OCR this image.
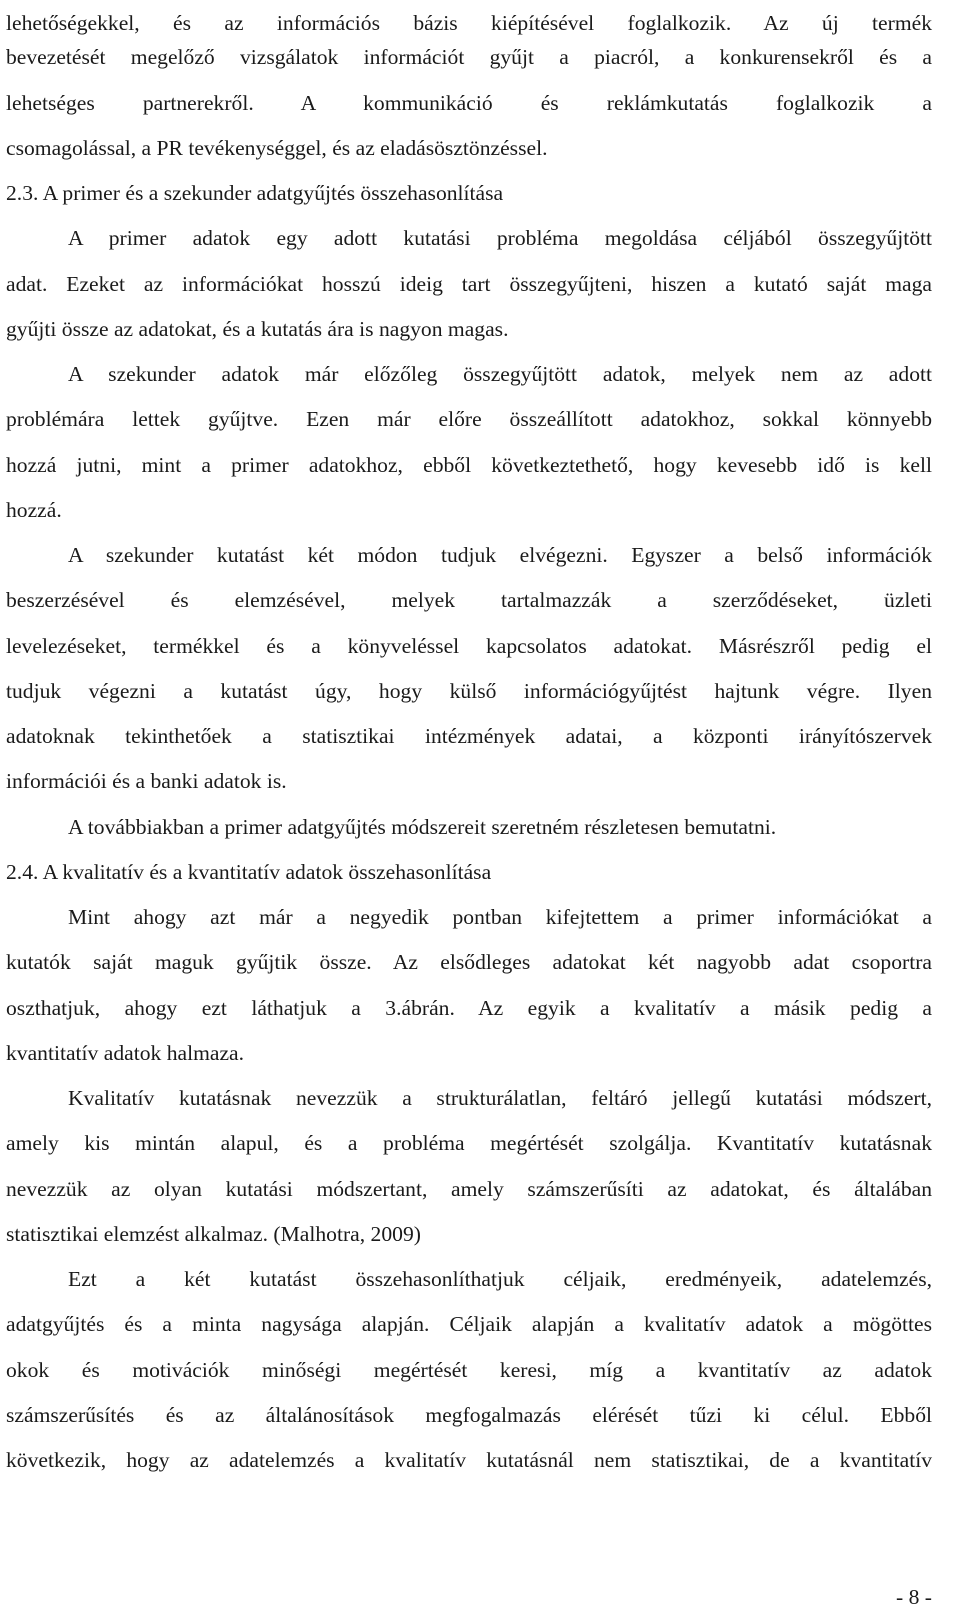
lehetőségekkel, és az információs bázis kiépítésével foglalkozik. Az új termék
bevezetését megelőző vizsgálatok információt gyűjt a piacról, a konkurensekről és a
lehetséges partnerekről. A kommunikáció és reklámkutatás foglalkozik a
csomagolással, a PR tevékenységgel, és az eladásösztönzéssel.
2.3. A primer és a szekunder adatgyűjtés összehasonlítása
A primer adatok egy adott kutatási probléma megoldása céljából összegyűjtött
adat. Ezeket az információkat hosszú ideig tart összegyűjteni, hiszen a kutató saját maga
gyűjti össze az adatokat, és a kutatás ára is nagyon magas.
A szekunder adatok már előzőleg összegyűjtött adatok, melyek nem az adott
problémára lettek gyűjtve. Ezen már előre összeállított adatokhoz, sokkal könnyebb
hozzá jutni, mint a primer adatokhoz, ebből következtethető, hogy kevesebb idő is kell
hozzá.
A szekunder kutatást két módon tudjuk elvégezni. Egyszer a belső információk
beszerzésével és elemzésével, melyek tartalmazzák a szerződéseket, üzleti
levelezéseket, termékkel és a könyveléssel kapcsolatos adatokat. Másrészről pedig el
tudjuk végezni a kutatást úgy, hogy külső információgyűjtést hajtunk végre. Ilyen
adatoknak tekinthetőek a statisztikai intézmények adatai, a központi irányítószervek
információi és a banki adatok is.
A továbbiakban a primer adatgyűjtés módszereit szeretném részletesen bemutatni.
2.4. A kvalitatív és a kvantitatív adatok összehasonlítása
Mint ahogy azt már a negyedik pontban kifejtettem a primer információkat a
kutatók saját maguk gyűjtik össze. Az elsődleges adatokat két nagyobb adat csoportra
oszthatjuk, ahogy ezt láthatjuk a 3.ábrán. Az egyik a kvalitatív a másik pedig a
kvantitatív adatok halmaza.
Kvalitatív kutatásnak nevezzük a strukturálatlan, feltáró jellegű kutatási módszert,
amely kis mintán alapul, és a probléma megértését szolgálja. Kvantitatív kutatásnak
nevezzük az olyan kutatási módszertant, amely számszerűsíti az adatokat, és általában
statisztikai elemzést alkalmaz. (Malhotra, 2009)
Ezt a két kutatást összehasonlíthatjuk céljaik, eredményeik, adatelemzés,
adatgyűjtés és a minta nagysága alapján. Céljaik alapján a kvalitatív adatok a mögöttes
okok és motivációk minőségi megértését keresi, míg a kvantitatív az adatok
számszerűsítés és az általánosítások megfogalmazás elérését tűzi ki célul. Ebből
következik, hogy az adatelemzés a kvalitatív kutatásnál nem statisztikai, de a kvantitatív
- 8 -
